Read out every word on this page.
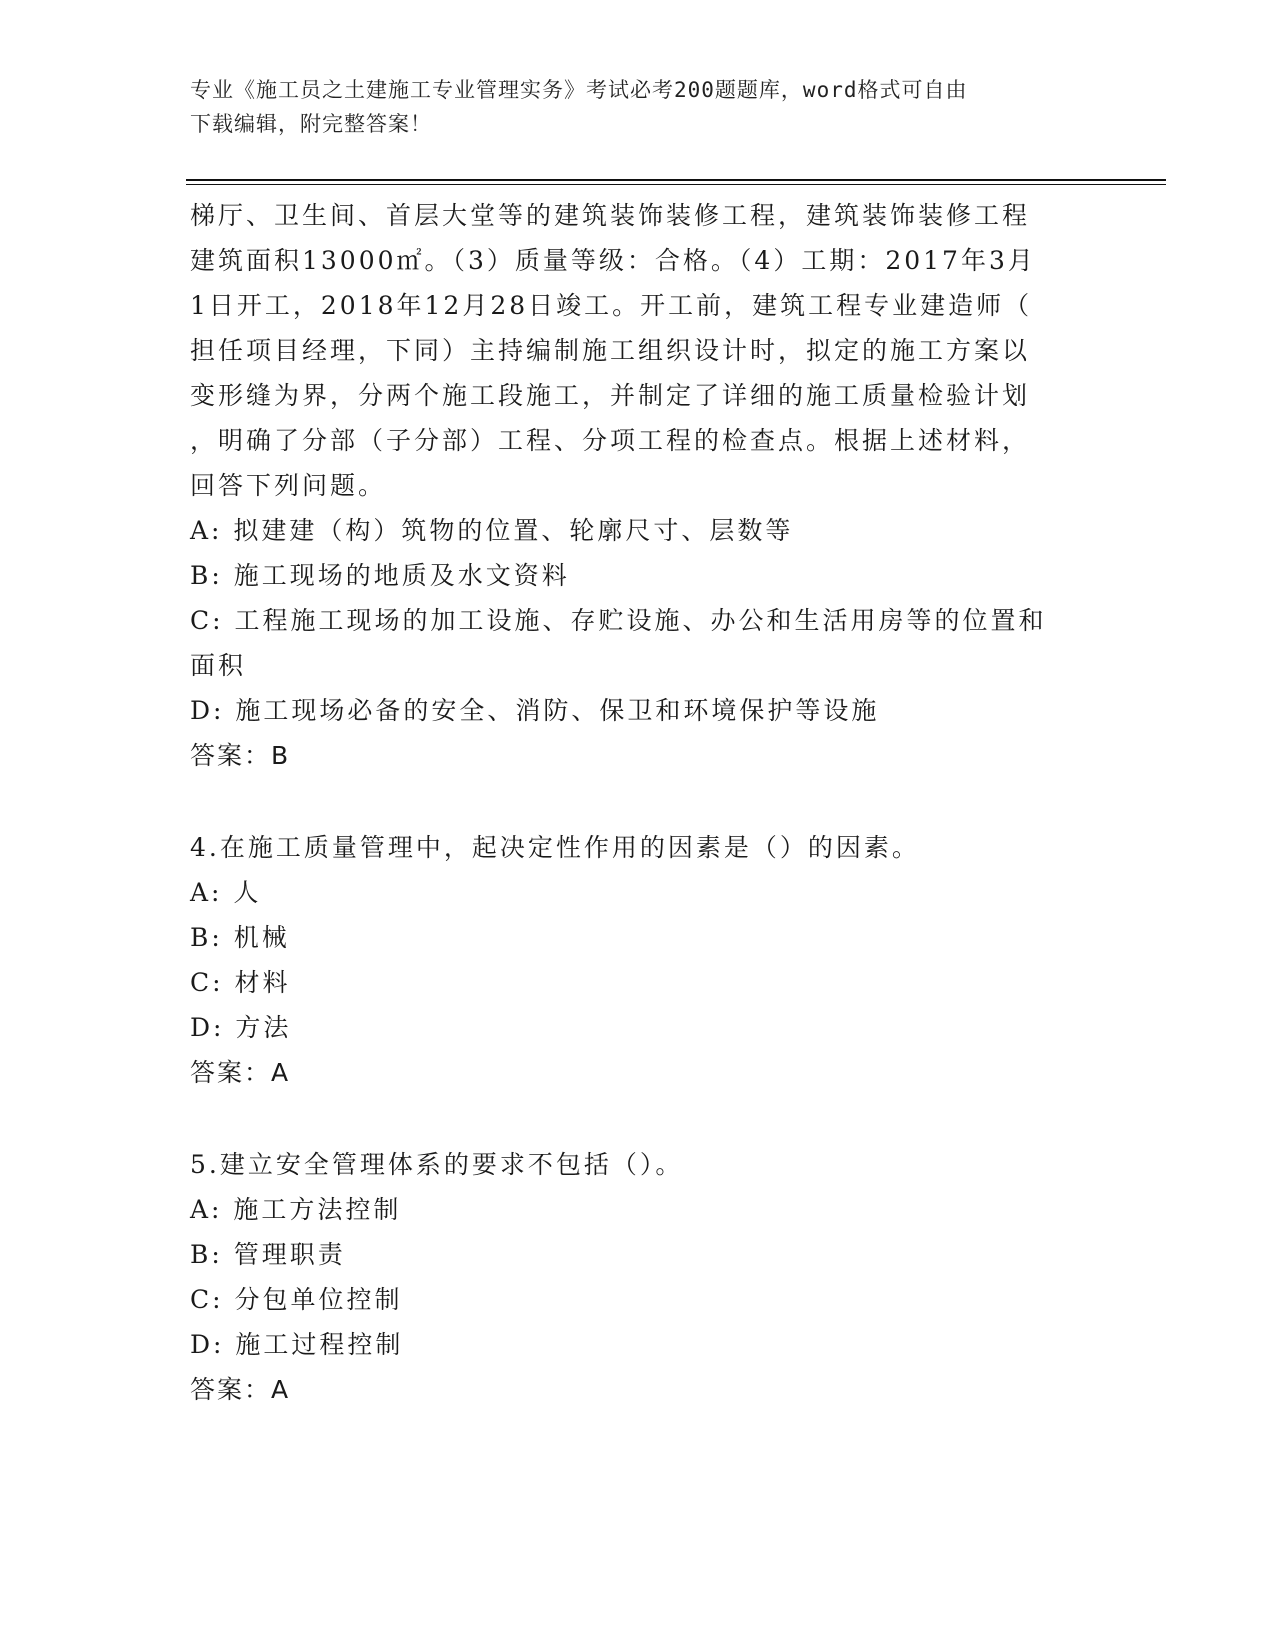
专业《施工员之土建施工专业管理实务》考试必考200题题库，word格式可自由
下载编辑，附完整答案！

梯厅、卫生间、首层大堂等的建筑装饰装修工程，建筑装饰装修工程

建筑面积13000㎡。（3）质量等级：合格。（4）工期：2017年3月

1日开工，2018年12月28日竣工。开工前，建筑工程专业建造师（

担任项目经理，下同）主持编制施工组织设计时，拟定的施工方案以

变形缝为界，分两个施工段施工，并制定了详细的施工质量检验计划

，明确了分部（子分部）工程、分项工程的检查点。根据上述材料，

回答下列问题。

A: 拟建建（构）筑物的位置、轮廓尺寸、层数等

B: 施工现场的地质及水文资料

C: 工程施工现场的加工设施、存贮设施、办公和生活用房等的位置和

面积

D: 施工现场必备的安全、消防、保卫和环境保护等设施

答案：B

4.在施工质量管理中，起决定性作用的因素是（）的因素。

A: 人

B: 机械

C: 材料

D: 方法

答案：A

5.建立安全管理体系的要求不包括（）。

A: 施工方法控制

B: 管理职责

C: 分包单位控制

D: 施工过程控制

答案：A
